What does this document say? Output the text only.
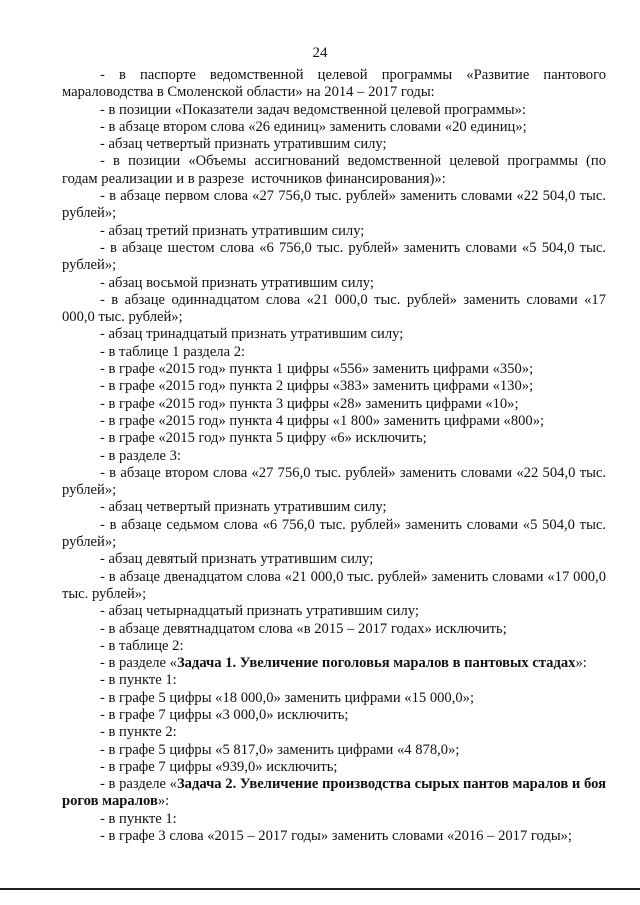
24

- в паспорте ведомственной целевой программы «Развитие пантового мараловодства в Смоленской области» на 2014 – 2017 годы:

- в позиции «Показатели задач ведомственной целевой программы»:

- в абзаце втором слова «26 единиц» заменить словами «20 единиц»;

- абзац четвертый признать утратившим силу;

- в позиции «Объемы ассигнований ведомственной целевой программы (по годам реализации и в разрезе  источников финансирования)»:

- в абзаце первом слова «27 756,0 тыс. рублей» заменить словами «22 504,0 тыс. рублей»;

- абзац третий признать утратившим силу;

- в абзаце шестом слова «6 756,0 тыс. рублей» заменить словами «5 504,0 тыс. рублей»;

- абзац восьмой признать утратившим силу;

- в абзаце одиннадцатом слова «21 000,0 тыс. рублей» заменить словами «17 000,0 тыс. рублей»;

- абзац тринадцатый признать утратившим силу;

- в таблице 1 раздела 2:

- в графе «2015 год» пункта 1 цифры «556» заменить цифрами «350»;

- в графе «2015 год» пункта 2 цифры «383» заменить цифрами «130»;

- в графе «2015 год» пункта 3 цифры «28» заменить цифрами «10»;

- в графе «2015 год» пункта 4 цифры «1 800» заменить цифрами «800»;

- в графе «2015 год» пункта 5 цифру «6» исключить;

- в разделе 3:

- в абзаце втором слова «27 756,0 тыс. рублей» заменить словами «22 504,0 тыс. рублей»;

- абзац четвертый признать утратившим силу;

- в абзаце седьмом слова «6 756,0 тыс. рублей» заменить словами «5 504,0 тыс. рублей»;

- абзац девятый признать утратившим силу;

- в абзаце двенадцатом слова «21 000,0 тыс. рублей» заменить словами «17 000,0 тыс. рублей»;

- абзац четырнадцатый признать утратившим силу;

- в абзаце девятнадцатом слова «в 2015 – 2017 годах» исключить;

- в таблице 2:

- в разделе «Задача 1. Увеличение поголовья маралов в пантовых стадах»:

- в пункте 1:

- в графе 5 цифры «18 000,0» заменить цифрами «15 000,0»;

- в графе 7 цифры «3 000,0» исключить;

- в пункте 2:

- в графе 5 цифры «5 817,0» заменить цифрами «4 878,0»;

- в графе 7 цифры «939,0» исключить;

- в разделе «Задача 2. Увеличение производства сырых пантов маралов и боя рогов маралов»:

- в пункте 1:

- в графе 3 слова «2015 – 2017 годы» заменить словами «2016 – 2017 годы»;
